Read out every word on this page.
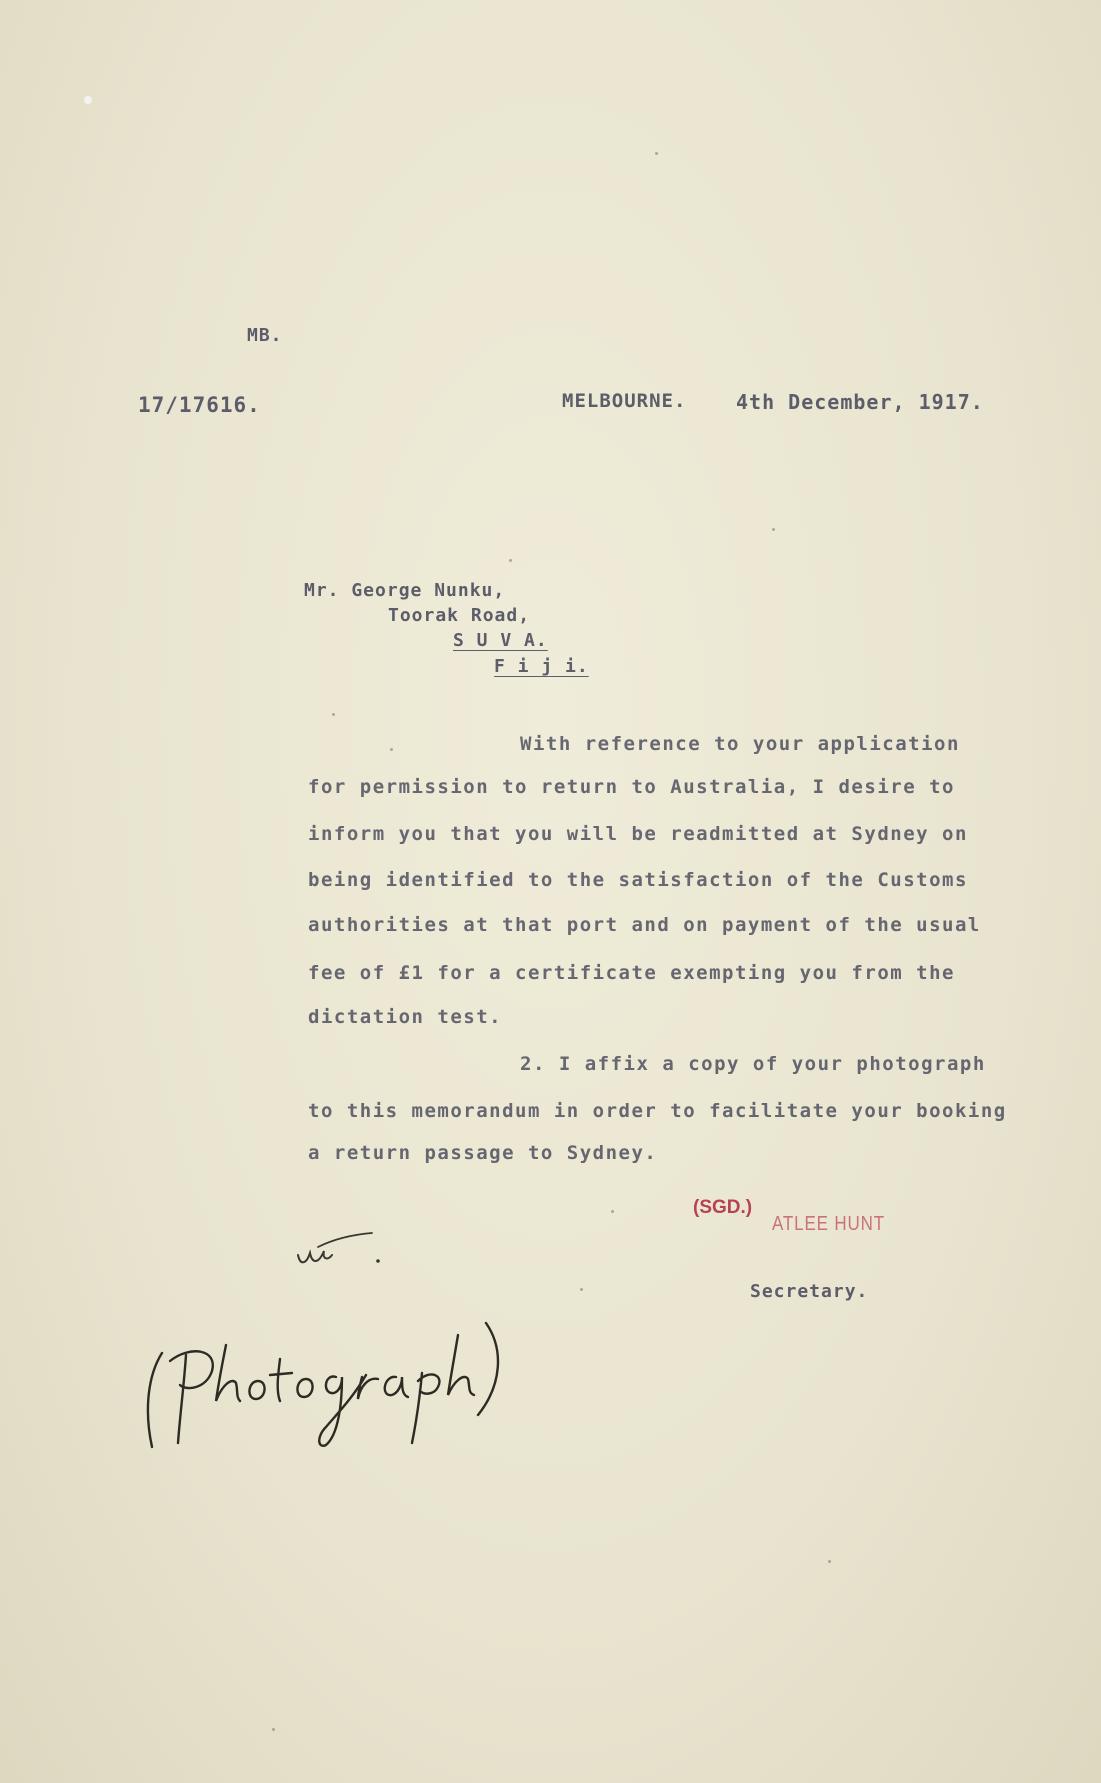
MB.
17/17616.	MELBOURNE. 4th December, 1917.
Mr. George Nunku,
Toorak Road,
S U V A.
F i j i.
With reference to your application
for permission to return to Australia, I desire to
inform you that you will be readmitted at Sydney on
being identified to the satisfaction of the Customs
authorities at that port and on payment of the usual
fee of £1 for a certificate exempting you from the
dictation test.
2. I affix a copy of your photograph
to this memorandum in order to facilitate your booking
a return passage to Sydney.
(SGD.)
ATLEE HUNT
Secretary.
